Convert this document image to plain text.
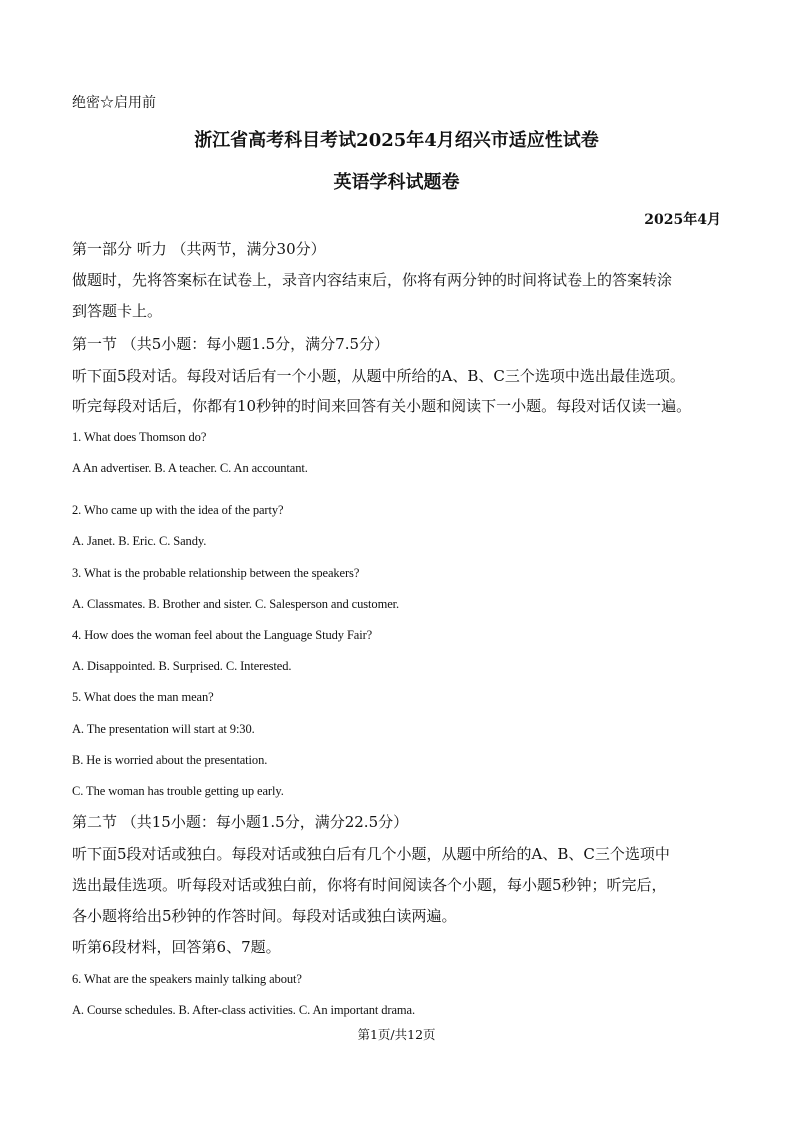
绝密☆启用前
浙江省高考科目考试2025年4月绍兴市适应性试卷
英语学科试题卷
2025年4月
第一部分 听力 （共两节，满分30分）
做题时，先将答案标在试卷上，录音内容结束后，你将有两分钟的时间将试卷上的答案转涂
到答题卡上。
第一节 （共5小题：每小题1.5分，满分7.5分）
听下面5段对话。每段对话后有一个小题，从题中所给的A、B、C三个选项中选出最佳选项。
听完每段对话后，你都有10秒钟的时间来回答有关小题和阅读下一小题。每段对话仅读一遍。
1. What does Thomson do?
A An advertiser. B. A teacher. C. An accountant.
2. Who came up with the idea of the party?
A. Janet. B. Eric. C. Sandy.
3. What is the probable relationship between the speakers?
A. Classmates. B. Brother and sister. C. Salesperson and customer.
4. How does the woman feel about the Language Study Fair?
A. Disappointed. B. Surprised. C. Interested.
5. What does the man mean?
A. The presentation will start at 9:30.
B. He is worried about the presentation.
C. The woman has trouble getting up early.
第二节 （共15小题：每小题1.5分，满分22.5分）
听下面5段对话或独白。每段对话或独白后有几个小题，从题中所给的A、B、C三个选项中
选出最佳选项。听每段对话或独白前，你将有时间阅读各个小题，每小题5秒钟；听完后，
各小题将给出5秒钟的作答时间。每段对话或独白读两遍。
听第6段材料，回答第6、7题。
6. What are the speakers mainly talking about?
A. Course schedules. B. After-class activities. C. An important drama.
第1页/共12页
